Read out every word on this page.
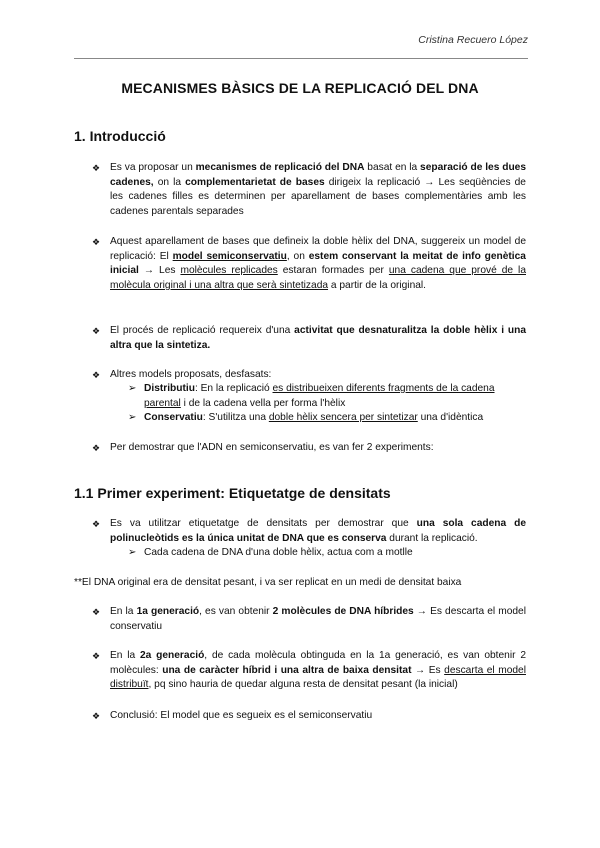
Cristina Recuero López
MECANISMES BÀSICS DE LA REPLICACIÓ DEL DNA
1. Introducció
❖ Es va proposar un mecanismes de replicació del DNA basat en la separació de les dues cadenes, on la complementarietat de bases dirigeix la replicació → Les seqüències de les cadenes filles es determinen per aparellament de bases complementàries amb les cadenes parentals separades
❖ Aquest aparellament de bases que defineix la doble hèlix del DNA, suggereix un model de replicació: El model semiconservatiu, on estem conservant la meitat de info genètica inicial → Les molècules replicades estaran formades per una cadena que prové de la molècula original i una altra que serà sintetizada a partir de la original.
❖ El procés de replicació requereix d'una activitat que desnaturalitza la doble hèlix i una altra que la sintetiza.
❖ Altres models proposats, desfasats:
➢ Distributiu: En la replicació es distribueixen diferents fragments de la cadena parental i de la cadena vella per forma l'hèlix
➢ Conservatiu: S'utilitza una doble hèlix sencera per sintetizar una d'idèntica
❖ Per demostrar que l'ADN en semiconservatiu, es van fer 2 experiments:
1.1 Primer experiment: Etiquetatge de densitats
❖ Es va utilitzar etiquetatge de densitats per demostrar que una sola cadena de polinucleòtids es la única unitat de DNA que es conserva durant la replicació.
➢ Cada cadena de DNA d'una doble hèlix, actua com a motlle
**El DNA original era de densitat pesant, i va ser replicat en un medi de densitat baixa
❖ En la 1a generació, es van obtenir 2 molècules de DNA híbrides → Es descarta el model conservatiu
❖ En la 2a generació, de cada molècula obtinguda en la 1a generació, es van obtenir 2 molècules: una de caràcter híbrid i una altra de baixa densitat → Es descarta el model distribuït, pq sino hauria de quedar alguna resta de densitat pesant (la inicial)
❖ Conclusió: El model que es segueix es el semiconservatiu
